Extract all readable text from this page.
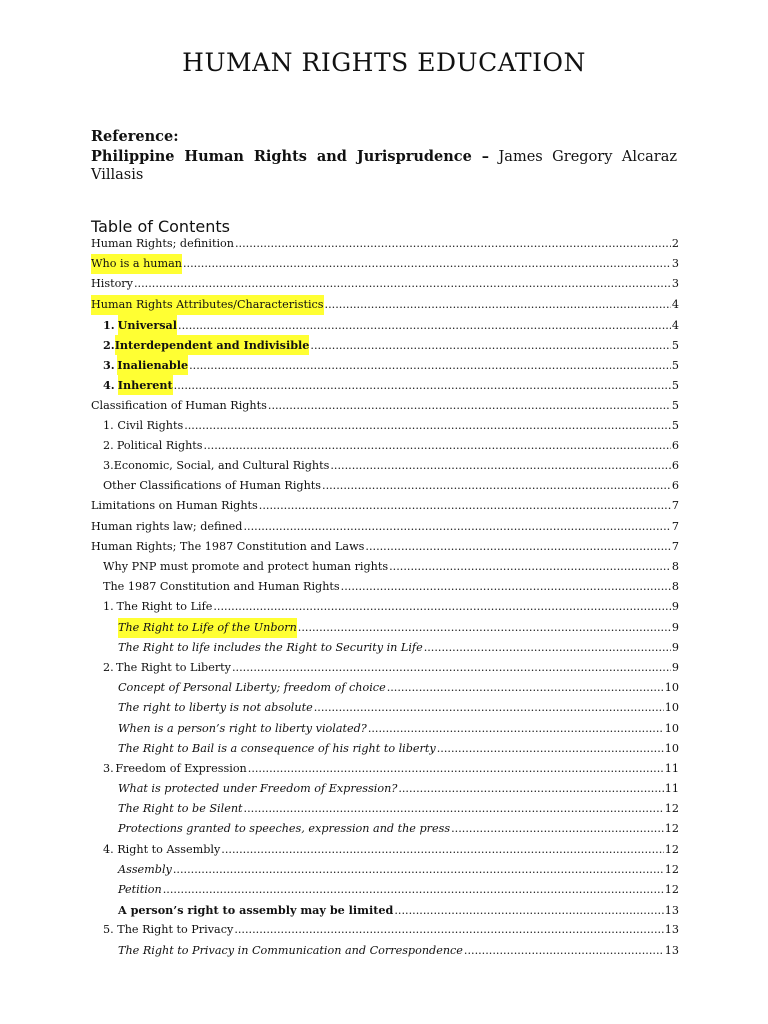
HUMAN RIGHTS EDUCATION
Reference:
Philippine Human Rights and Jurisprudence – James Gregory Alcaraz Villasis
Table of Contents
Human Rights; definition .....	2
Who is a human .....	3
History .....	3
Human Rights Attributes/Characteristics .....	4
1. Universal .....	4
2. Interdependent and Indivisible .....	5
3. Inalienable .....	5
4. Inherent .....	5
Classification of Human Rights .....	5
1. Civil Rights .....	5
2. Political Rights .....	6
3. Economic, Social, and Cultural Rights .....	6
Other Classifications of Human Rights .....	6
Limitations on Human Rights .....	7
Human rights law; defined .....	7
Human Rights; The 1987 Constitution and Laws .....	7
Why PNP must promote and protect human rights .....	8
The 1987 Constitution and Human Rights .....	8
1. The Right to Life .....	9
The Right to Life of the Unborn .....	9
The Right to life includes the Right to Security in Life .....	9
2. The Right to Liberty .....	9
Concept of Personal Liberty; freedom of choice .....	10
The right to liberty is not absolute .....	10
When is a person’s right to liberty violated? .....	10
The Right to Bail is a consequence of his right to liberty .....	10
3. Freedom of Expression .....	11
What is protected under Freedom of Expression? .....	11
The Right to be Silent .....	12
Protections granted to speeches, expression and the press .....	12
4. Right to Assembly .....	12
Assembly .....	12
Petition .....	12
A person’s right to assembly may be limited .....	13
5. The Right to Privacy .....	13
The Right to Privacy in Communication and Correspondence .....	13
